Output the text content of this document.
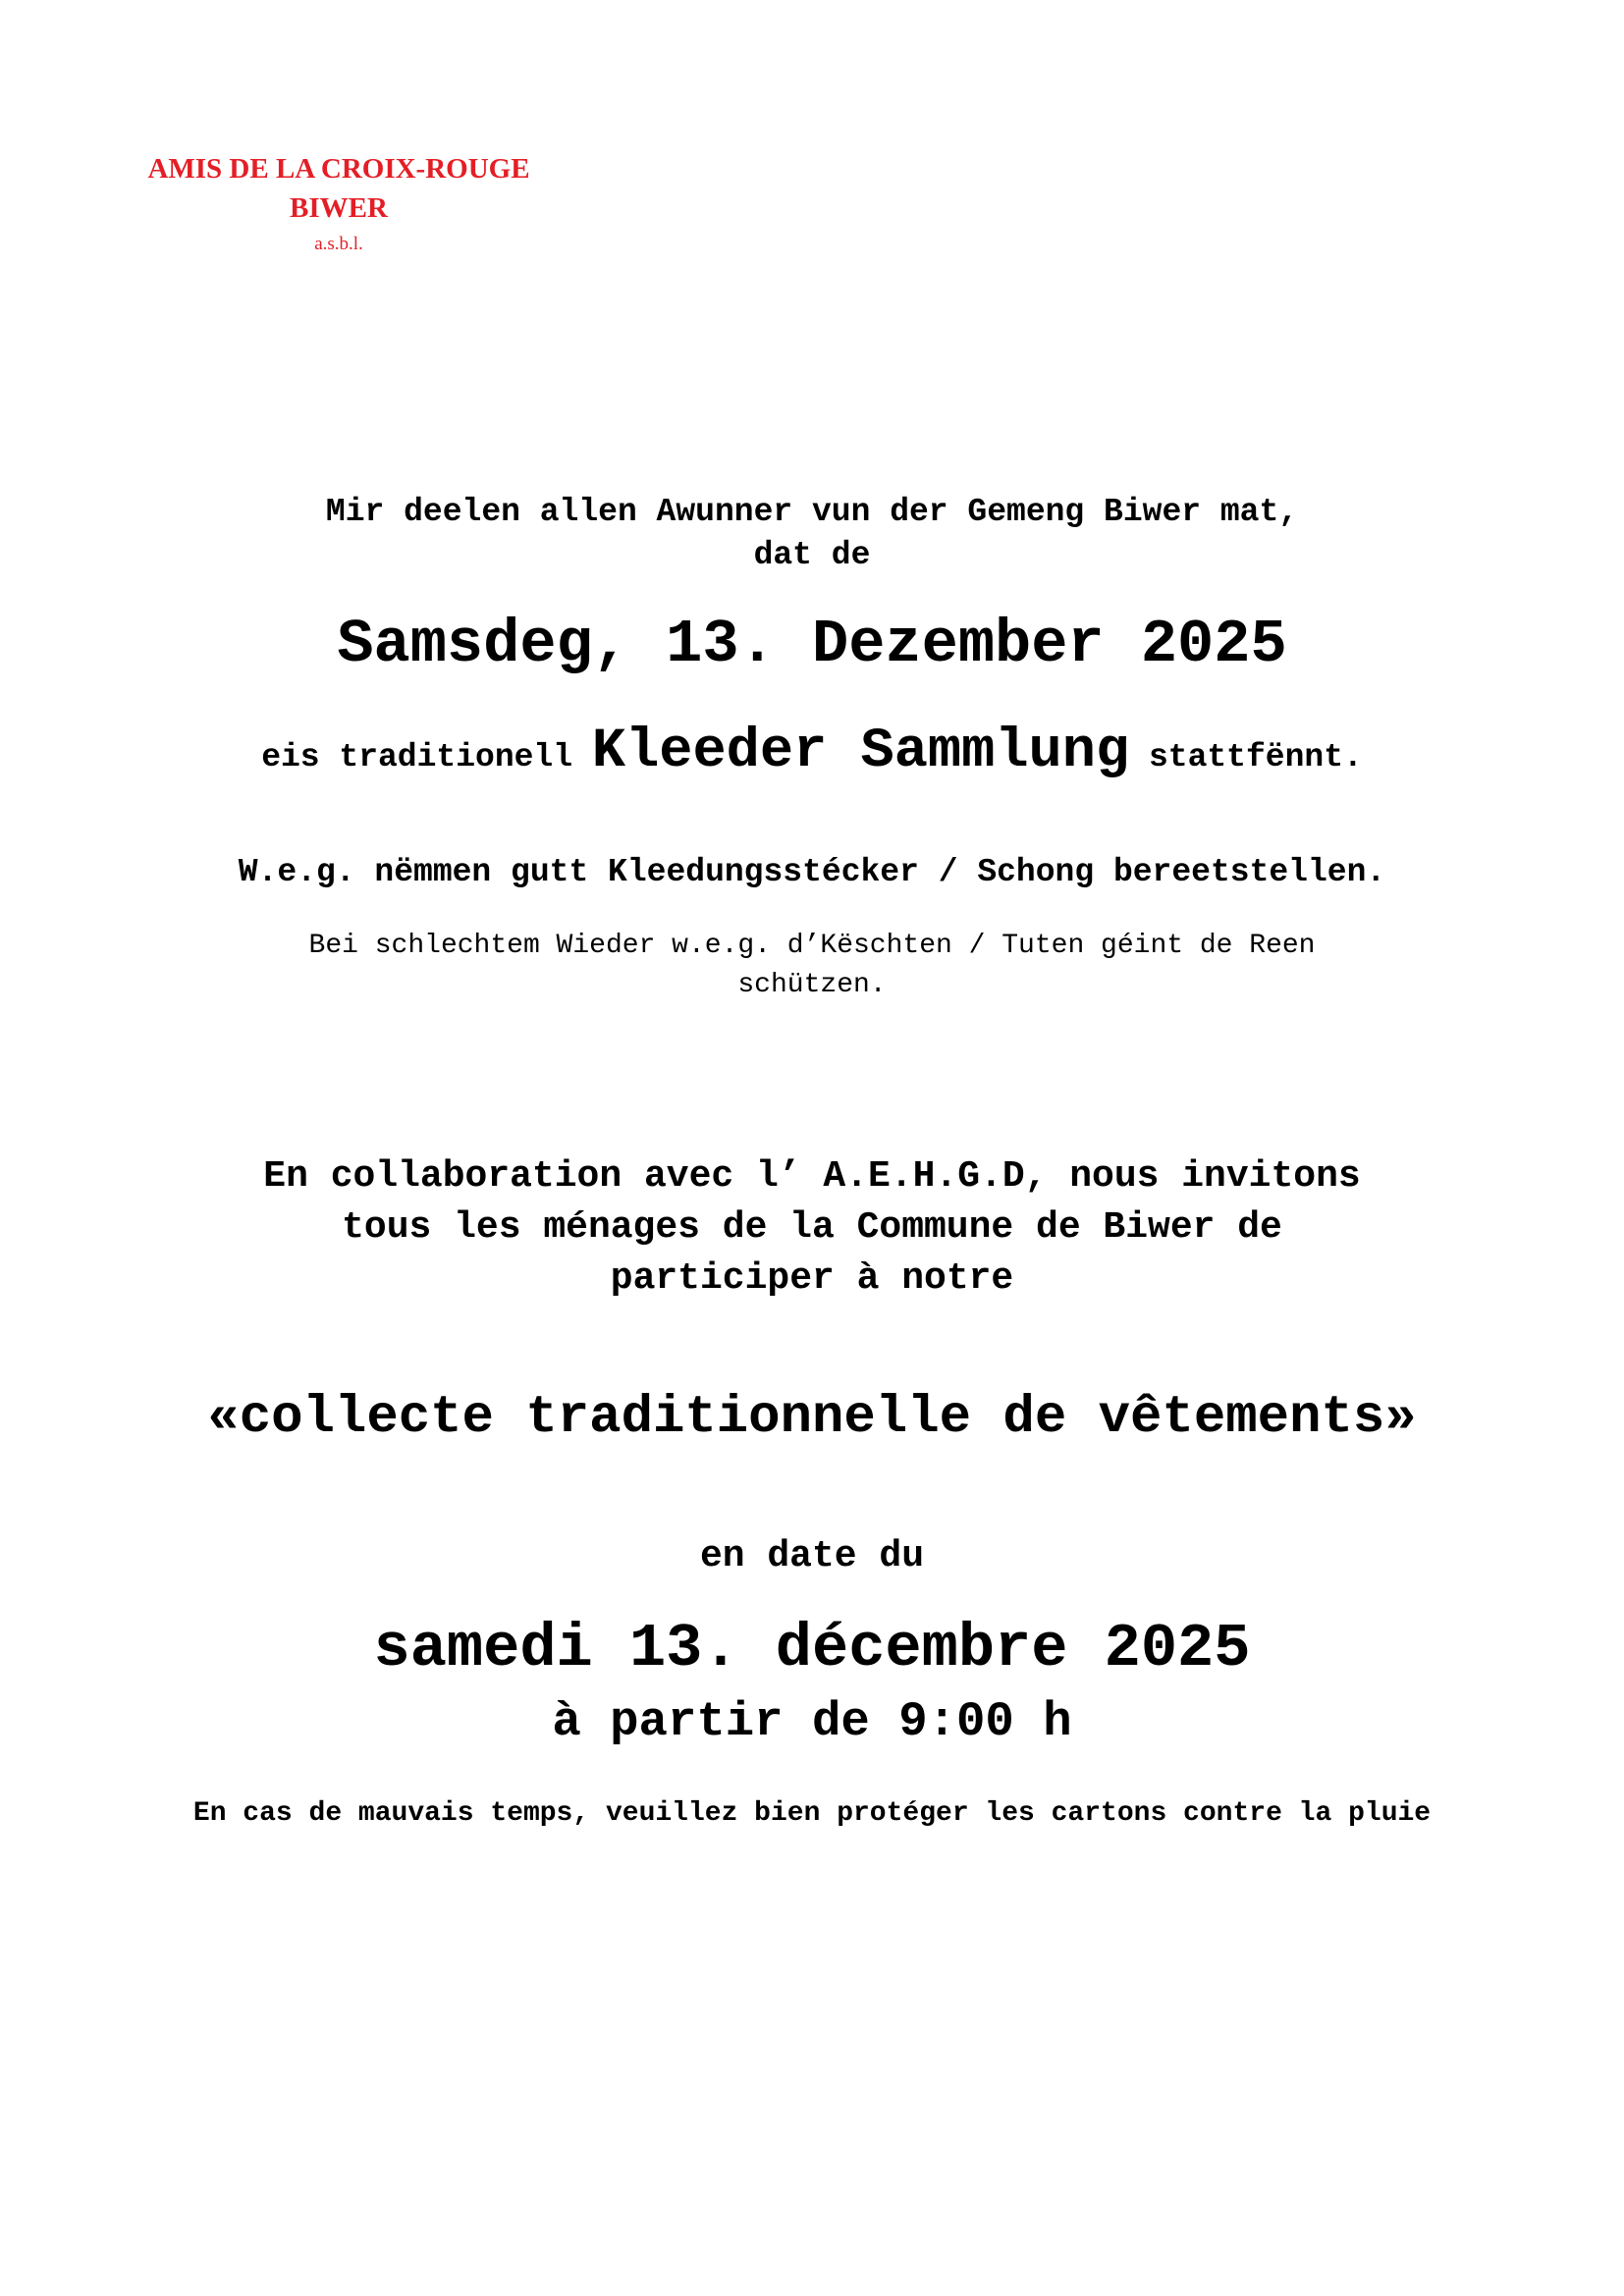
AMIS DE LA CROIX-ROUGE
BIWER
a.s.b.l.
Mir deelen allen Awunner vun der Gemeng Biwer mat,
dat de
Samsdeg, 13. Dezember 2025
eis traditionell Kleeder Sammlung stattfënnt.
W.e.g. nëmmen gutt Kleedungsstécker / Schong bereetstellen.
Bei schlechtem Wieder w.e.g. d’Këschten / Tuten géint de Reen
schützen.
En collaboration avec l’ A.E.H.G.D, nous invitons
tous les ménages de la Commune de Biwer de
participer à notre
«collecte traditionnelle de vêtements»
en date du
samedi 13. décembre 2025
à partir de 9:00 h
En cas de mauvais temps, veuillez bien protéger les cartons contre la pluie
